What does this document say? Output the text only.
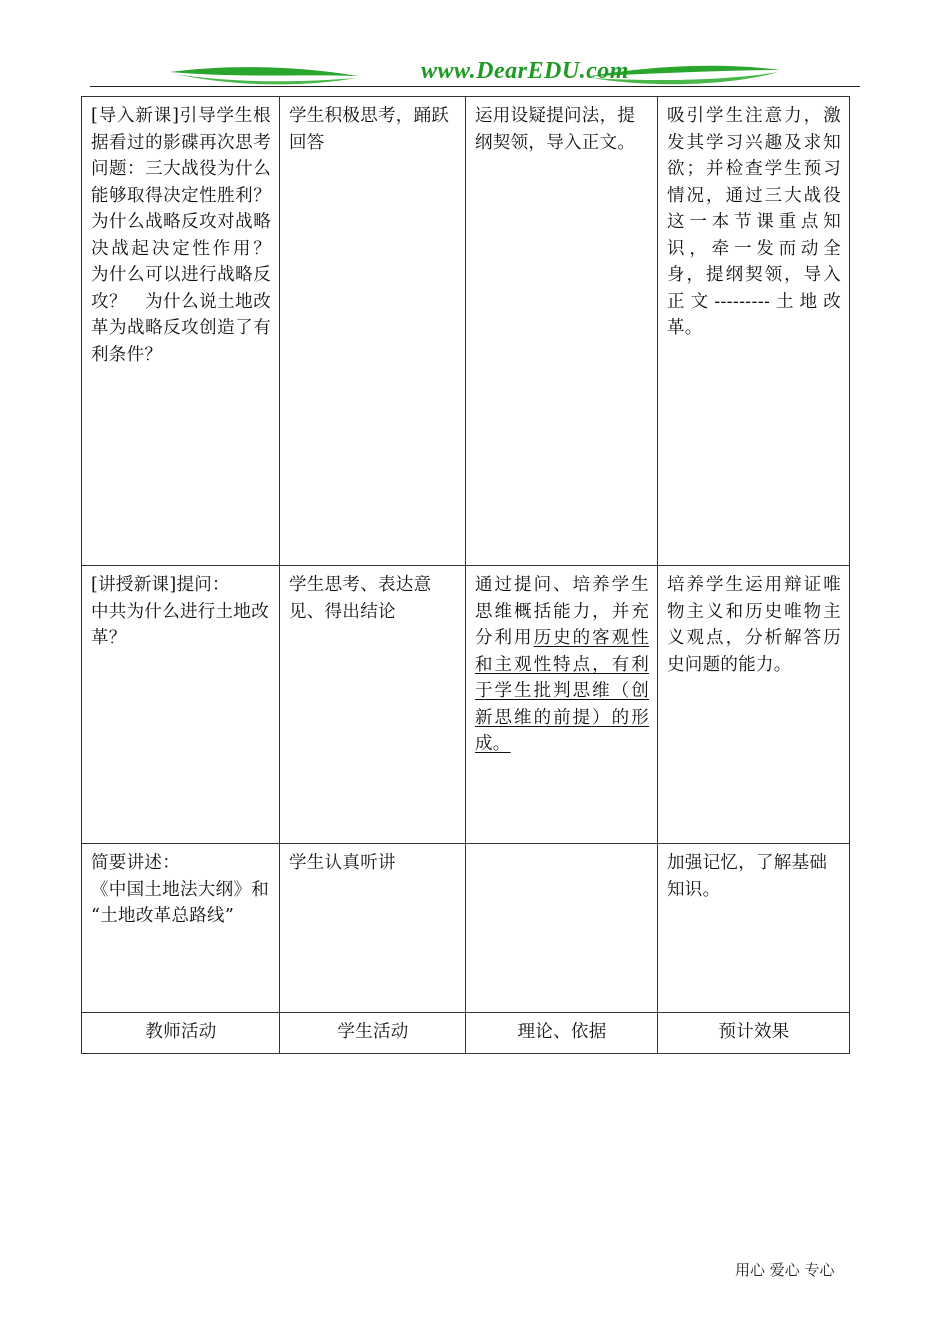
www.DearEDU.com
[导入新课]引导学生根据看过的影碟再次思考问题：三大战役为什么能够取得决定性胜利？　为什么战略反攻对战略决战起决定性作用？　为什么可以进行战略反攻？　为什么说土地改革为战略反攻创造了有利条件？	学生积极思考，踊跃回答	运用设疑提问法，提纲契领，导入正文。	吸引学生注意力，激发其学习兴趣及求知欲；并检查学生预习情况，通过三大战役这一本节课重点知识，牵一发而动全身，提纲契领，导入正文---------土地改革。

[讲授新课]提问：
中共为什么进行土地改革？	学生思考、表达意见、得出结论	通过提问、培养学生思维概括能力，并充分利用历史的客观性和主观性特点，有利于学生批判思维（创新思维的前提）的形成。	培养学生运用辩证唯物主义和历史唯物主义观点，分析解答历史问题的能力。

简要讲述：
《中国土地法大纲》和
“土地改革总路线”	学生认真听讲		加强记忆，了解基础知识。

教师活动	学生活动	理论、依据	预计效果
用心 爱心 专心
